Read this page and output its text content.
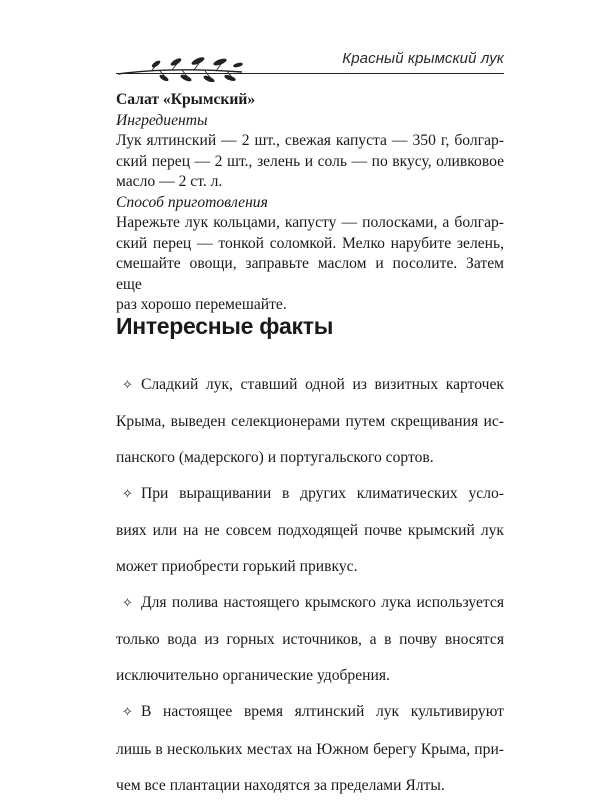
Красный крымский лук

Салат «Крымский»

Ингредиенты

Лук ялтинский — 2 шт., свежая капуста — 350 г, болгар-

ский перец — 2 шт., зелень и соль — по вкусу, оливковое

масло — 2 ст. л.

Способ приготовления

Нарежьте лук кольцами, капусту — полосками, а болгар-

ский перец — тонкой соломкой. Мелко нарубите зелень,

смешайте овощи, заправьте маслом и посолите. Затем еще

раз хорошо перемешайте.

Интересные факты

✧ Сладкий лук, ставший одной из визитных карточек

Крыма, выведен селекционерами путем скрещивания ис-

панского (мадерского) и португальского сортов.

✧ При выращивании в других климатических усло-

виях или на не совсем подходящей почве крымский лук

может приобрести горький привкус.

✧ Для полива настоящего крымского лука используется

только вода из горных источников, а в почву вносятся

исключительно органические удобрения.

✧ В настоящее время ялтинский лук культивируют

лишь в нескольких местах на Южном берегу Крыма, при-

чем все плантации находятся за пределами Ялты.
